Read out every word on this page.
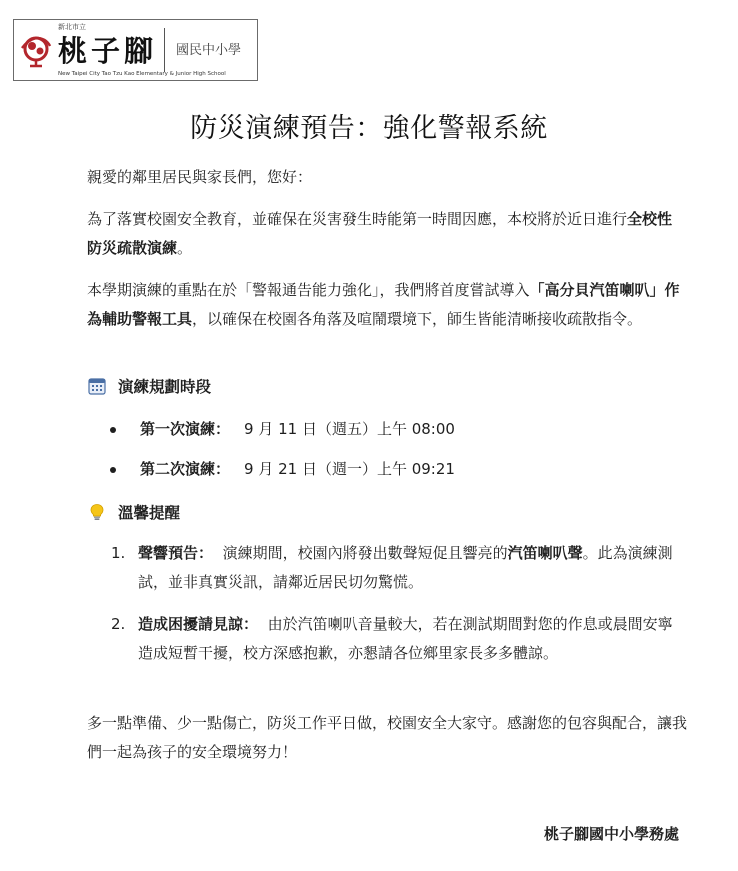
新北市立
桃子腳 國民中小學
New Taipei City Tao Tzu Kao Elementary & Junior High School
防災演練預告：強化警報系統

親愛的鄰里居民與家長們，您好：

為了落實校園安全教育，並確保在災害發生時能第一時間因應，本校將於近日進行全校性防災疏散演練。

本學期演練的重點在於「警報通告能力強化」，我們將首度嘗試導入「高分貝汽笛喇叭」作為輔助警報工具，以確保在校園各角落及喧鬧環境下，師生皆能清晰接收疏散指令。

演練規劃時段
第一次演練： 9 月 11 日（週五）上午 08:00
第二次演練： 9 月 21 日（週一）上午 09:21
溫馨提醒
1. 聲響預告： 演練期間，校園內將發出數聲短促且響亮的汽笛喇叭聲。此為演練測試，並非真實災訊，請鄰近居民切勿驚慌。
2. 造成困擾請見諒： 由於汽笛喇叭音量較大，若在測試期間對您的作息或晨間安寧造成短暫干擾，校方深感抱歉，亦懇請各位鄉里家長多多體諒。

多一點準備、少一點傷亡，防災工作平日做，校園安全大家守。感謝您的包容與配合，讓我們一起為孩子的安全環境努力！

桃子腳國中小學務處
